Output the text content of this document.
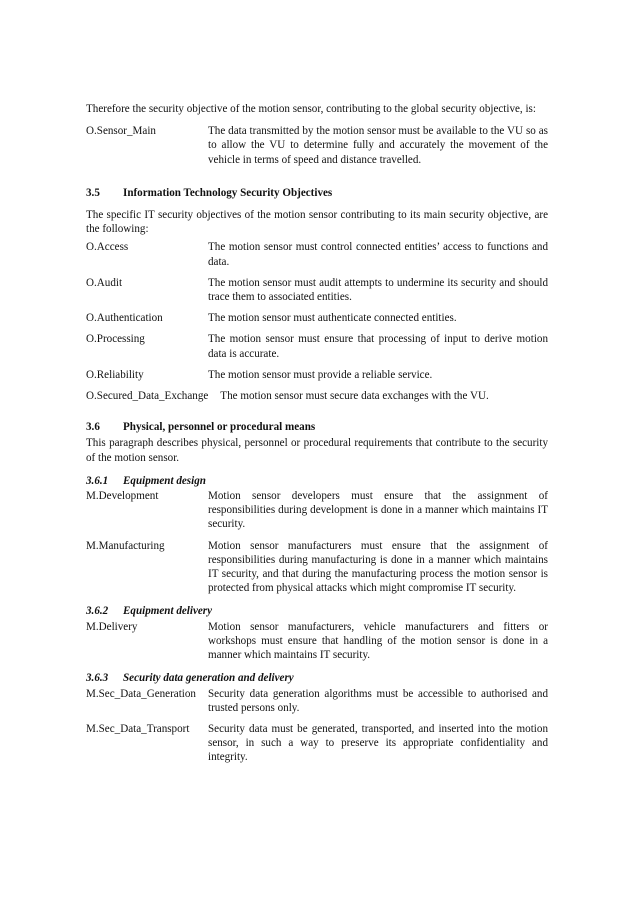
Therefore the security objective of the motion sensor, contributing to the global security objective, is:

O.Sensor_Main	The data transmitted by the motion sensor must be available to the VU so as to allow the VU to determine fully and accurately the movement of the vehicle in terms of speed and distance travelled.
3.5	Information Technology Security Objectives

The specific IT security objectives of the motion sensor contributing to its main security objective, are the following:

O.Access	The motion sensor must control connected entities’ access to functions and data.
O.Audit	The motion sensor must audit attempts to undermine its security and should trace them to associated entities.
O.Authentication	The motion sensor must authenticate connected entities.
O.Processing	The motion sensor must ensure that processing of input to derive motion data is accurate.
O.Reliability	The motion sensor must provide a reliable service.
O.Secured_Data_Exchange The motion sensor must secure data exchanges with the VU.
3.6	Physical, personnel or procedural means

This paragraph describes physical, personnel or procedural requirements that contribute to the security of the motion sensor.

3.6.1	Equipment design
M.Development	Motion sensor developers must ensure that the assignment of responsibilities during development is done in a manner which maintains IT security.
M.Manufacturing	Motion sensor manufacturers must ensure that the assignment of responsibilities during manufacturing is done in a manner which maintains IT security, and that during the manufacturing process the motion sensor is protected from physical attacks which might compromise IT security.
3.6.2	Equipment delivery
M.Delivery	Motion sensor manufacturers, vehicle manufacturers and fitters or workshops must ensure that handling of the motion sensor is done in a manner which maintains IT security.
3.6.3	Security data generation and delivery
M.Sec_Data_Generation	Security data generation algorithms must be accessible to authorised and trusted persons only.
M.Sec_Data_Transport	Security data must be generated, transported, and inserted into the motion sensor, in such a way to preserve its appropriate confidentiality and integrity.
